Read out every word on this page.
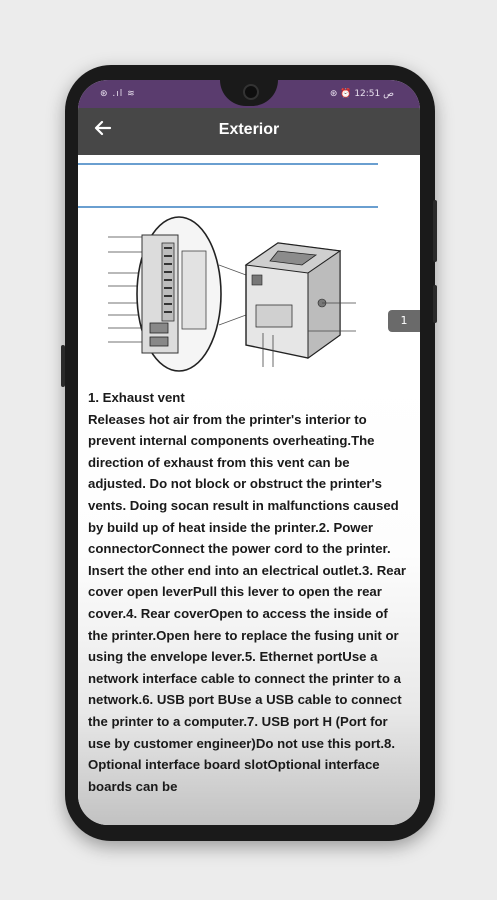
⊛ .ıl ≋	⊛ ⏰ ص 12:51
Exterior
1

1. Exhaust vent

Releases hot air from the printer's interior to prevent internal components overheating.The direction of exhaust from this vent can be adjusted. Do not block or obstruct the printer's vents. Doing socan result in malfunctions caused by build up of heat inside the printer.2. Power connectorConnect the power cord to the printer. Insert the other end into an electrical outlet.3. Rear cover open leverPull this lever to open the rear cover.4. Rear coverOpen to access the inside of the printer.Open here to replace the fusing unit or using the envelope lever.5. Ethernet portUse a network interface cable to connect the printer to a network.6. USB port BUse a USB cable to connect the printer to a computer.7. USB port H (Port for use by customer engineer)Do not use this port.8. Optional interface board slotOptional interface boards can be
